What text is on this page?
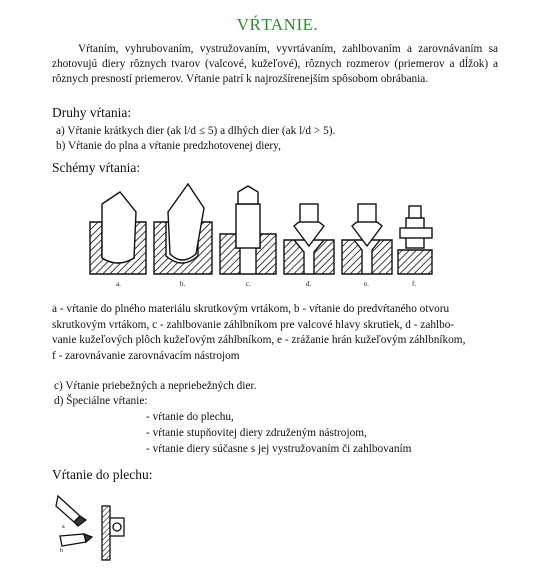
VŔTANIE.
Vŕtaním, vyhrubovaním, vystružovaním, vyvrtávaním, zahlbovaním a zarovnávaním sa zhotovujú diery rôznych tvarov (valcové, kužeľové), rôznych rozmerov (priemerov a dĺžok) a rôznych presností priemerov. Vŕtanie patrí k najrozšírenejším spôsobom obrábania.
Druhy vŕtania:
a) Vŕtanie krátkych dier (ak l/d ≤ 5) a dlhých dier (ak l/d > 5).
b) Vŕtanie do plna a vŕtanie predzhotovenej diery,
Schémy vŕtania:
a.	b.	c.	d.	e.	f.
a - vŕtanie do plného materiálu skrutkovým vrtákom, b - vŕtanie do predvŕtaného otvoru
skrutkovým vrtákom, c - zahlbovanie záhlbníkom pre valcové hlavy skrutiek, d - zahlbo-
vanie kužeľových plôch kužeľovým záhlbníkom, e - zrážanie hrán kužeľovým záhlbníkom,
f - zarovnávanie zarovnávacím nástrojom
c) Vŕtanie priebežných a nepriebežných dier.
d) Špeciálne vŕtanie:
- vŕtanie do plechu,
- vŕtanie stupňovitej diery združeným nástrojom,
- vŕtanie diery súčasne s jej vystružovaním či zahlbovaním
Vŕtanie do plechu:
a
b
